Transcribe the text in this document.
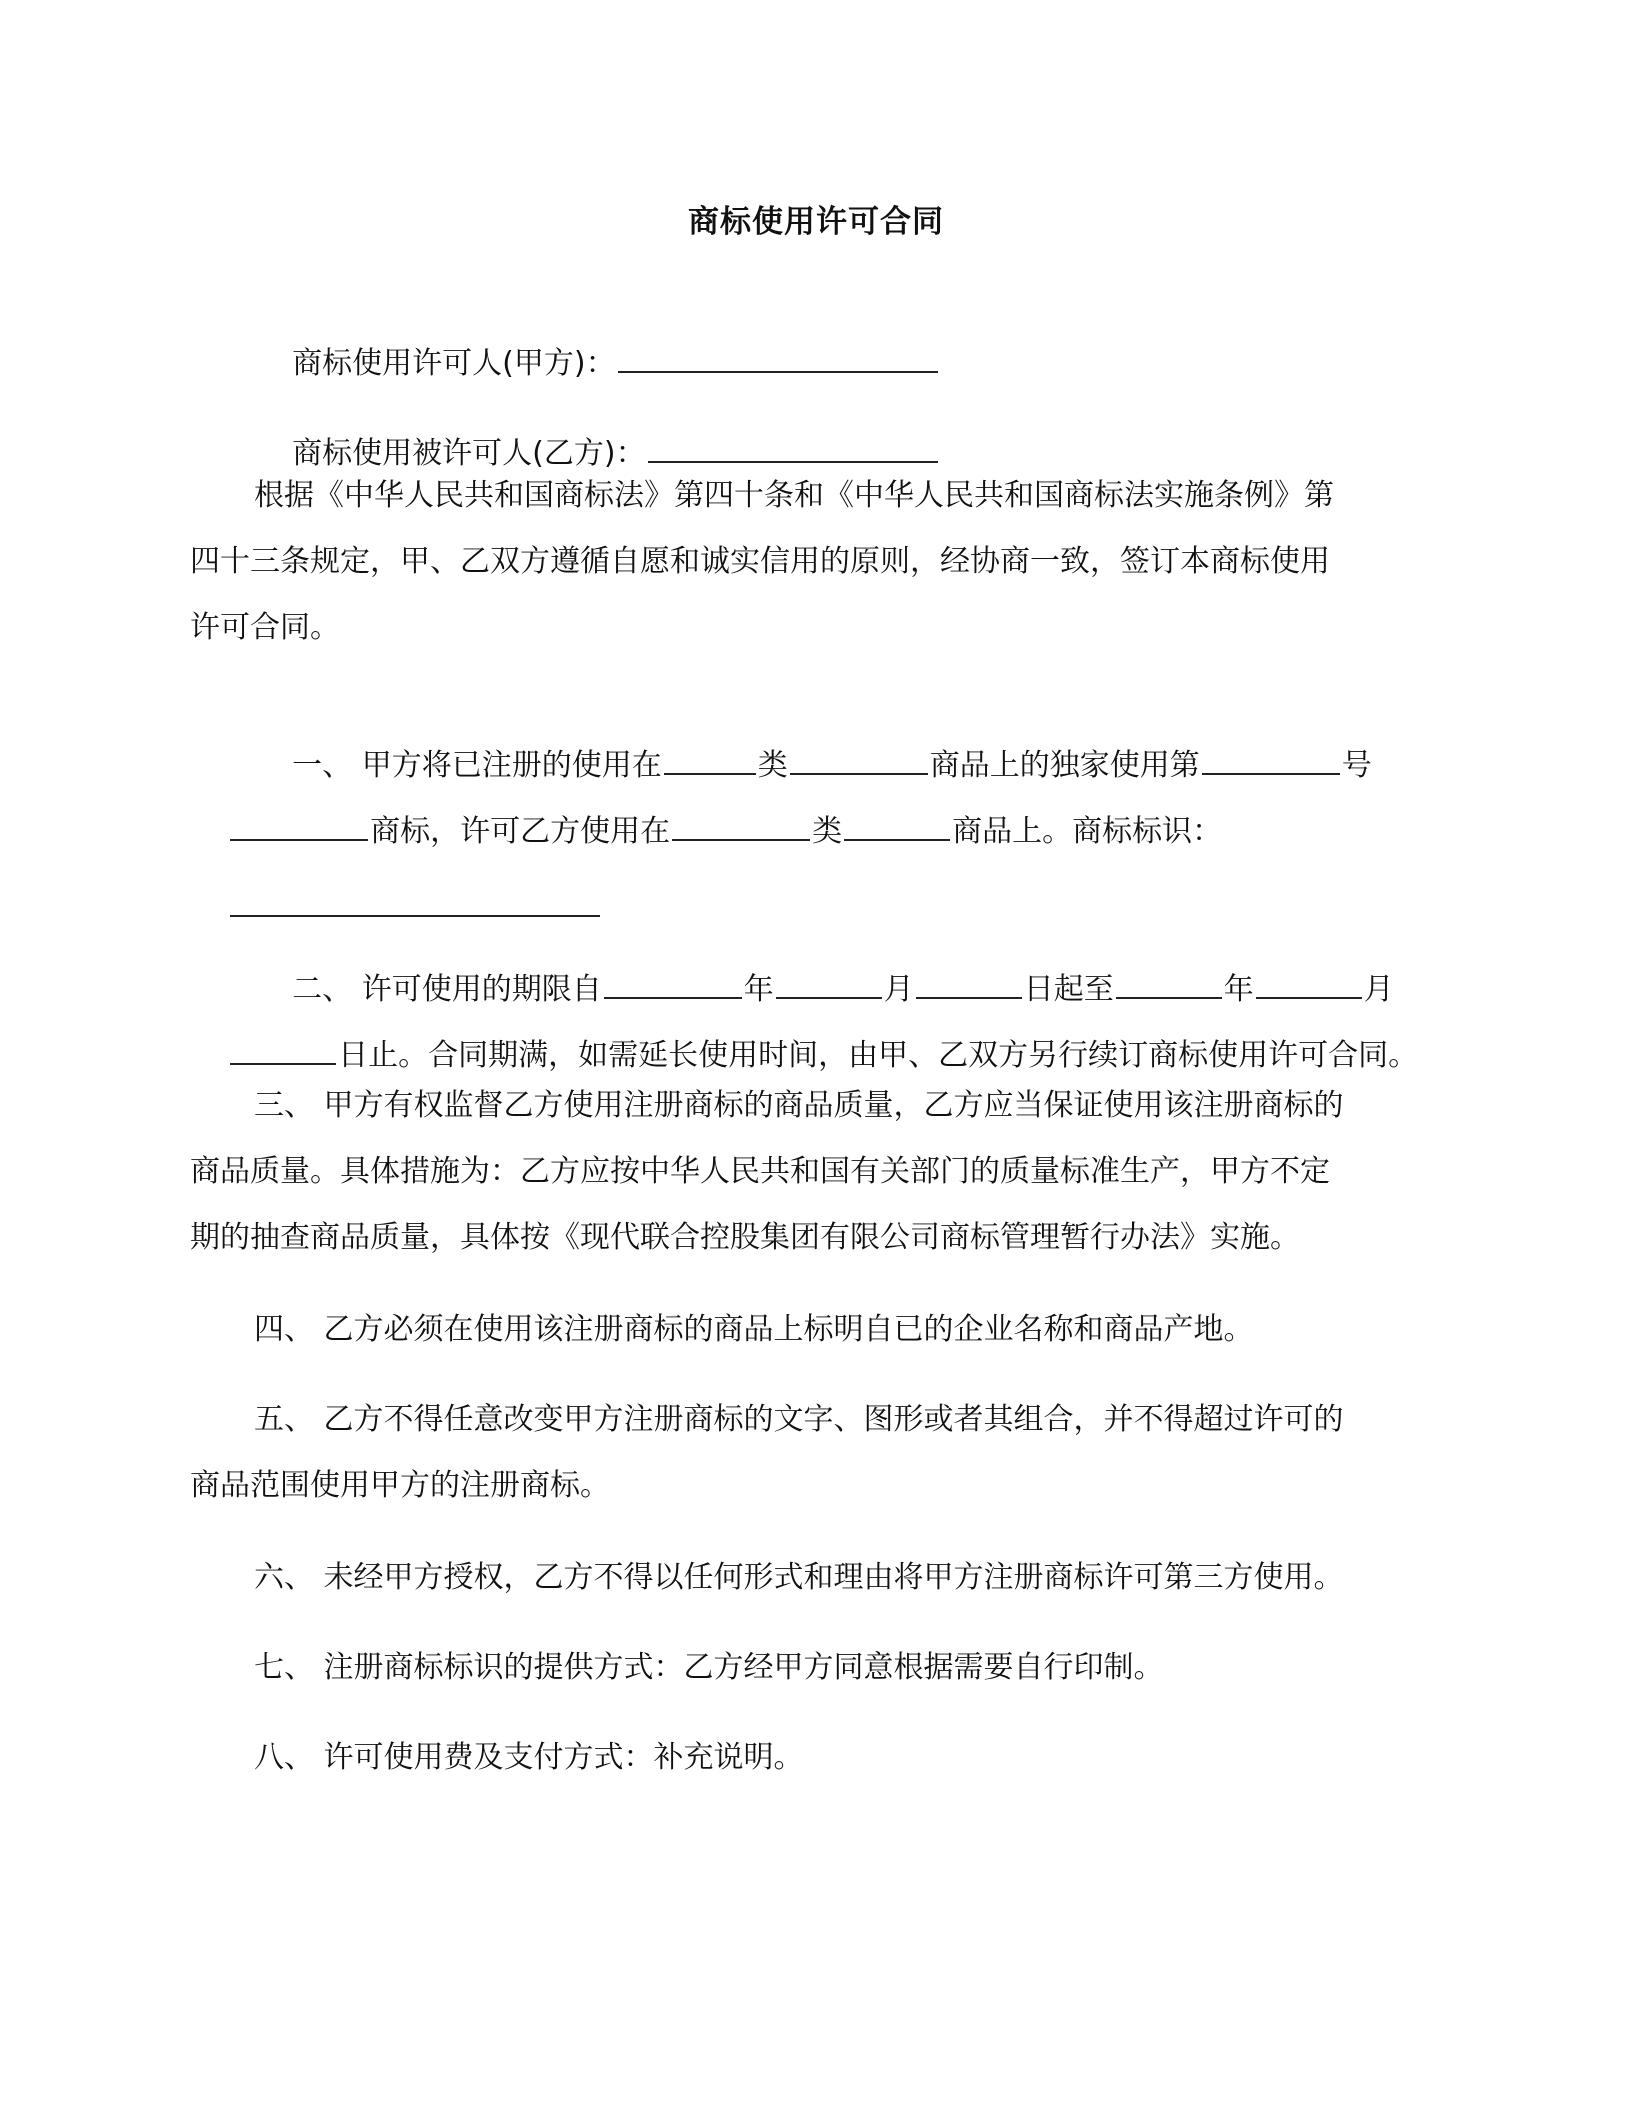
商标使用许可合同

商标使用许可人(甲方)：

商标使用被许可人(乙方)：

根据《中华人民共和国商标法》第四十条和《中华人民共和国商标法实施条例》第
四十三条规定，甲、乙双方遵循自愿和诚实信用的原则，经协商一致，签订本商标使用
许可合同。

一、 甲方将已注册的使用在	类	商品上的独家使用第	号

商标，许可乙方使用在	类	商品上。商标标识：

二、 许可使用的期限自	年	月	日起至	年	月

日止。合同期满，如需延长使用时间，由甲、乙双方另行续订商标使用许可合同。

三、 甲方有权监督乙方使用注册商标的商品质量，乙方应当保证使用该注册商标的
商品质量。具体措施为：乙方应按中华人民共和国有关部门的质量标准生产，甲方不定
期的抽查商品质量，具体按《现代联合控股集团有限公司商标管理暂行办法》实施。
四、 乙方必须在使用该注册商标的商品上标明自已的企业名称和商品产地。
五、 乙方不得任意改变甲方注册商标的文字、图形或者其组合，并不得超过许可的
商品范围使用甲方的注册商标。
六、 未经甲方授权，乙方不得以任何形式和理由将甲方注册商标许可第三方使用。
七、 注册商标标识的提供方式：乙方经甲方同意根据需要自行印制。
八、 许可使用费及支付方式：补充说明。
